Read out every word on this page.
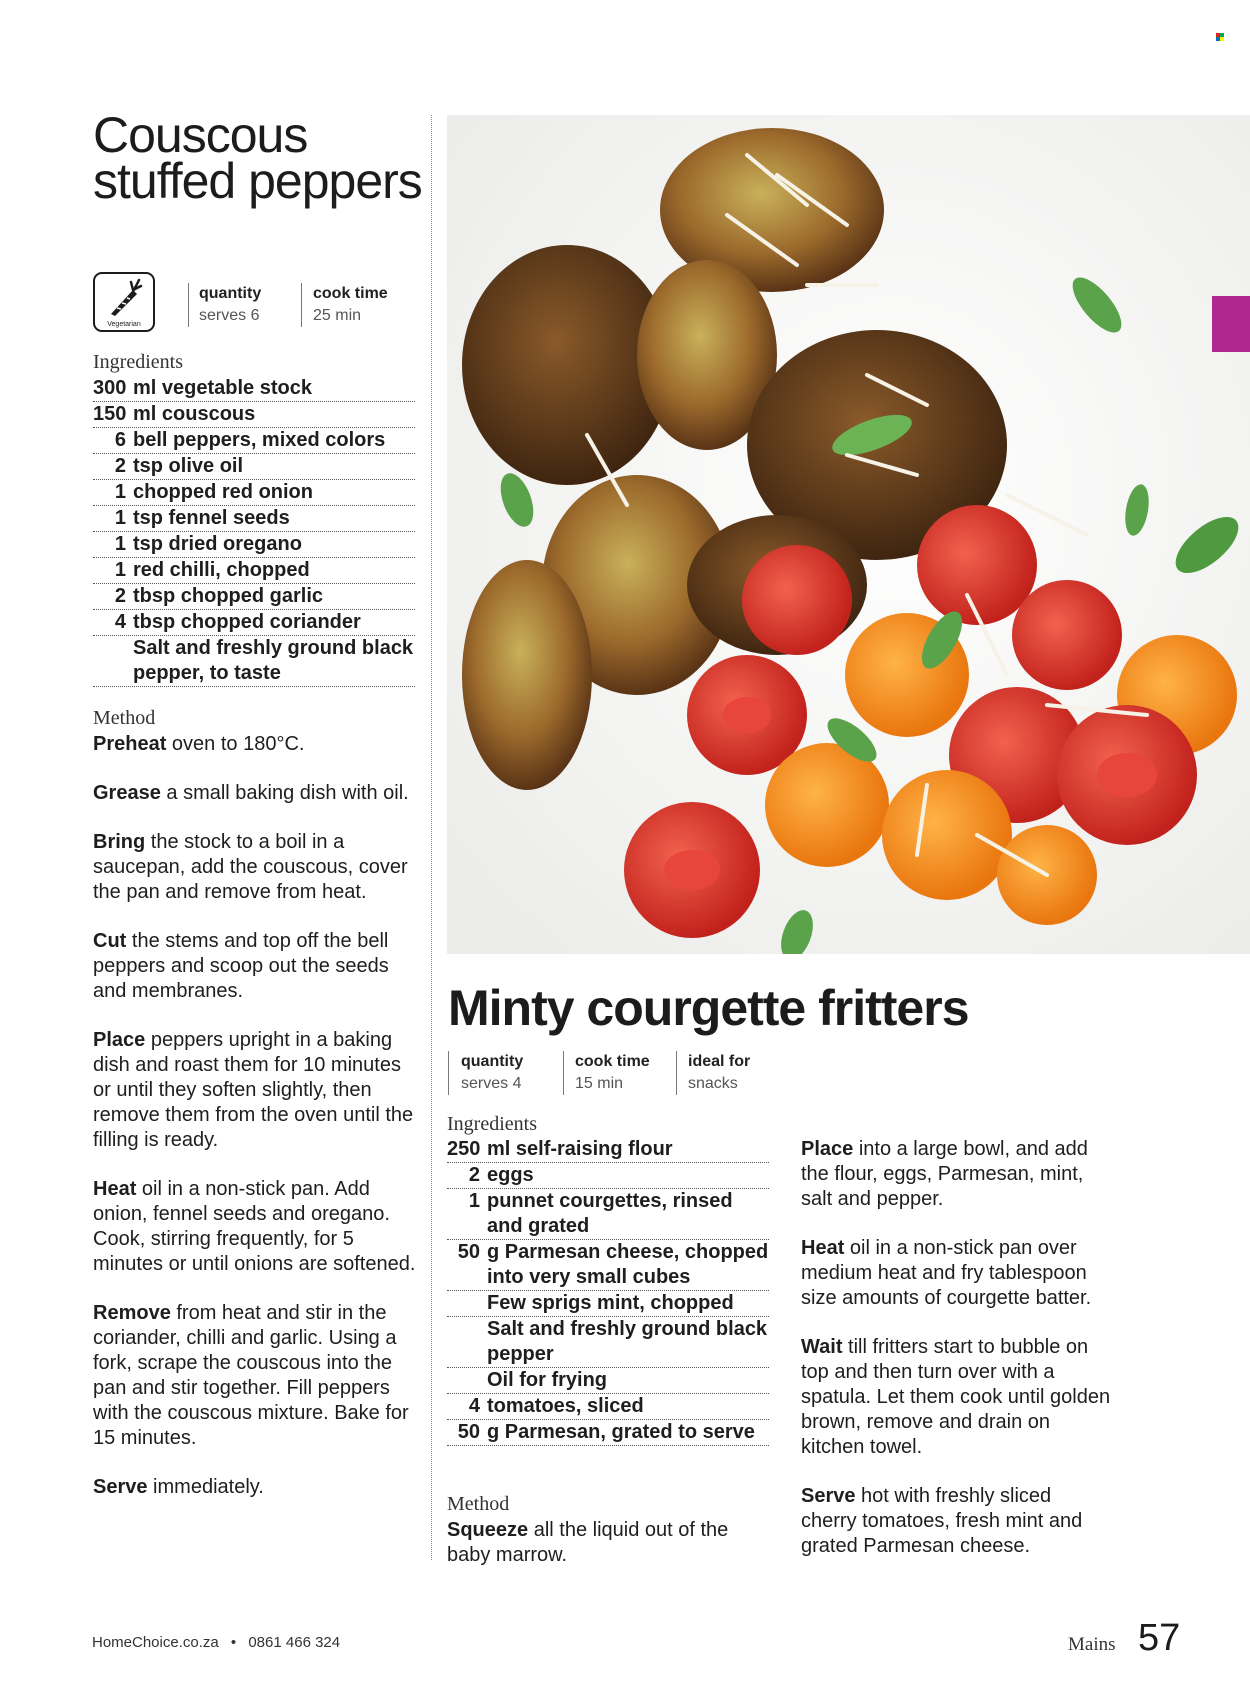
Couscous stuffed peppers
Vegetarian
quantity
serves 6
cook time
25 min
Ingredients
300 ml vegetable stock
150 ml couscous
6 bell peppers, mixed colors
2 tsp olive oil
1 chopped red onion
1 tsp fennel seeds
1 tsp dried oregano
1 red chilli, chopped
2 tbsp chopped garlic
4 tbsp chopped coriander
Salt and freshly ground black pepper, to taste
Method

Preheat oven to 180°C.

Grease a small baking dish with oil.

Bring the stock to a boil in a saucepan, add the couscous, cover the pan and remove from heat.

Cut the stems and top off the bell peppers and scoop out the seeds and membranes.

Place peppers upright in a baking dish and roast them for 10 minutes or until they soften slightly, then remove them from the oven until the filling is ready.

Heat oil in a non-stick pan. Add onion, fennel seeds and oregano. Cook, stirring frequently, for 5 minutes or until onions are softened.

Remove from heat and stir in the coriander, chilli and garlic. Using a fork, scrape the couscous into the pan and stir together. Fill peppers with the couscous mixture. Bake for 15 minutes.

Serve immediately.

Minty courgette fritters
quantity
serves 4
cook time
15 min
ideal for
snacks
Ingredients
250 ml self-raising flour
2 eggs
1 punnet courgettes, rinsed and grated
50 g Parmesan cheese, chopped into very small cubes
Few sprigs mint, chopped
Salt and freshly ground black pepper
Oil for frying
4 tomatoes, sliced
50 g Parmesan, grated to serve
Method

Squeeze all the liquid out of the baby marrow.

Place into a large bowl, and add the flour, eggs, Parmesan, mint, salt and pepper.

Heat oil in a non-stick pan over medium heat and fry tablespoon size amounts of courgette batter.

Wait till fritters start to bubble on top and then turn over with a spatula. Let them cook until golden brown, remove and drain on kitchen towel.

Serve hot with freshly sliced cherry tomatoes, fresh mint and grated Parmesan cheese.

HomeChoice.co.za • 0861 466 324	Mains 57
